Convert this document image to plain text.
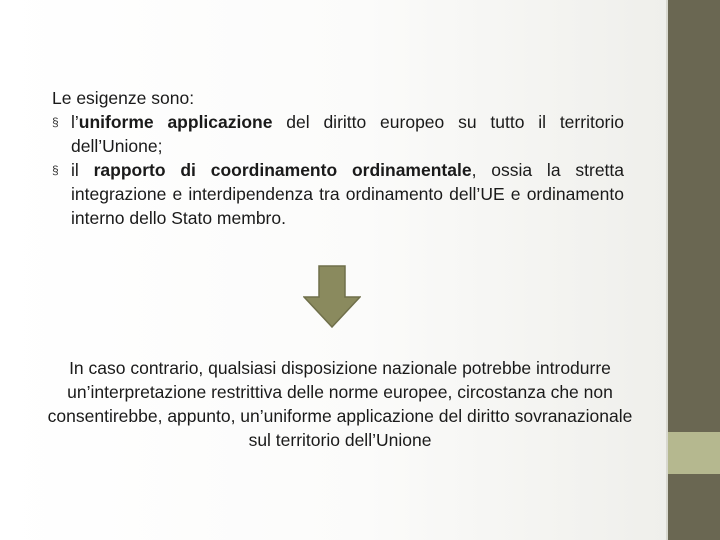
Le esigenze sono:

§ l’uniforme applicazione del diritto europeo su tutto il territorio dell’Unione;
§ il rapporto di coordinamento ordinamentale, ossia la stretta integrazione e interdipendenza tra ordinamento dell’UE e ordinamento interno dello Stato membro.

In caso contrario, qualsiasi disposizione nazionale potrebbe introdurre un’interpretazione restrittiva delle norme europee, circostanza che non consentirebbe, appunto, un’uniforme applicazione del diritto sovranazionale sul territorio dell’Unione
